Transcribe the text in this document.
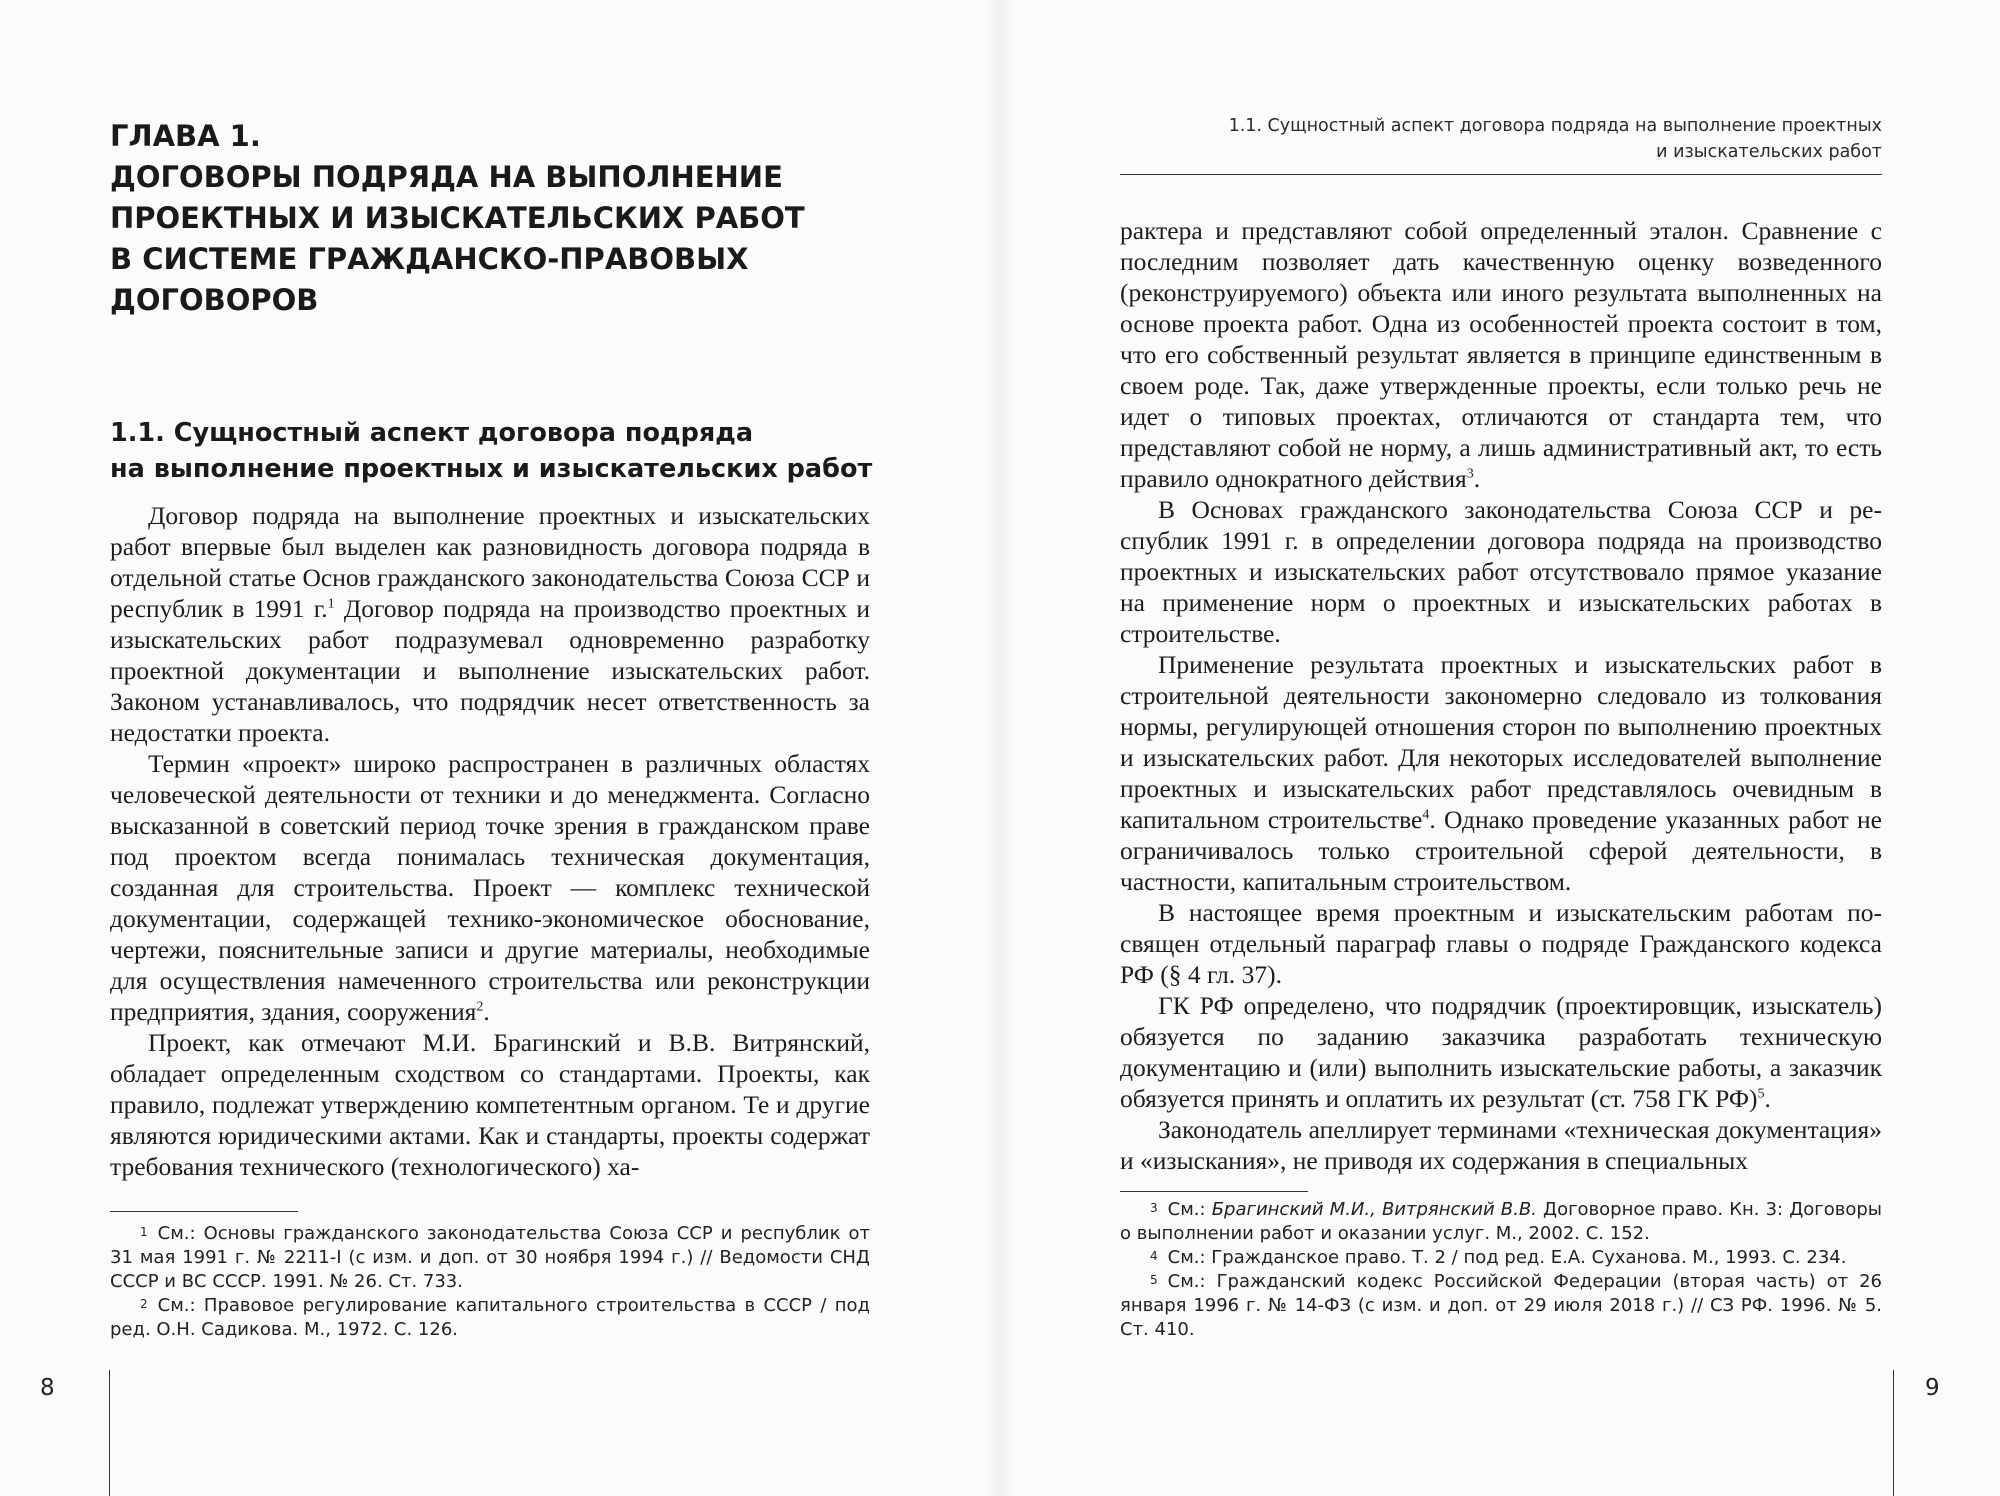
ГЛАВА 1.
ДОГОВОРЫ ПОДРЯДА НА ВЫПОЛНЕНИЕ
ПРОЕКТНЫХ И ИЗЫСКАТЕЛЬСКИХ РАБОТ
В СИСТЕМЕ ГРАЖДАНСКО-ПРАВОВЫХ
ДОГОВОРОВ
1.1. Сущностный аспект договора подряда
на выполнение проектных и изыскательских работ

Договор подряда на выполнение проектных и изыскательских работ впервые был выделен как разновидность договора подряда в отдельной статье Основ гражданского законодательства Союза ССР и республик в 1991 г.$^1$ Договор подряда на производство проектных и изыскательских работ подразумевал одновременно разработку проектной документации и выполнение изыскательских работ. Законом устанавливалось, что подрядчик несет ответственность за недостатки проекта.

Термин «проект» широко распространен в различных областях человеческой деятельности от техники и до менеджмента. Согласно высказанной в советский период точке зрения в гражданском праве под проектом всегда понималась техническая документация, созданная для строительства. Проект — комплекс технической документации, содержащей технико-экономическое обоснование, чертежи, пояснительные записи и другие материалы, необходимые для осуществления намеченного строительства или реконструкции предприятия, здания, сооружения$^2$.

Проект, как отмечают М.И. Брагинский и В.В. Витрянский, обладает определенным сходством со стандартами. Проекты, как правило, подлежат утверждению компетентным органом. Те и другие являются юридическими актами. Как и стандарты, проекты содержат требования технического (технологического) ха-

$^1$ См.: Основы гражданского законодательства Союза ССР и республик от 31 мая 1991 г. № 2211-I (с изм. и доп. от 30 ноября 1994 г.) // Ведомости СНД СССР и ВС СССР. 1991. № 26. Ст. 733.

$^2$ См.: Правовое регулирование капитального строительства в СССР / под ред. О.Н. Садикова. М., 1972. С. 126.

8
1.1. Сущностный аспект договора подряда на выполнение проектных
и изыскательских работ

рактера и представляют собой определенный эталон. Сравнение с последним позволяет дать качественную оценку возведенного (реконструируемого) объекта или иного результата выполненных на основе проекта работ. Одна из особенностей проекта состоит в том, что его собственный результат является в принципе единственным в своем роде. Так, даже утвержденные проекты, если только речь не идет о типовых проектах, отличаются от стандарта тем, что представляют собой не норму, а лишь административный акт, то есть правило однократного действия$^3$.

В Основах гражданского законодательства Союза ССР и республик 1991 г. в определении договора подряда на производство проектных и изыскательских работ отсутствовало прямое указание на применение норм о проектных и изыскательских работах в строительстве.

Применение результата проектных и изыскательских работ в строительной деятельности закономерно следовало из толкования нормы, регулирующей отношения сторон по выполнению проектных и изыскательских работ. Для некоторых исследователей выполнение проектных и изыскательских работ представлялось очевидным в капитальном строительстве$^4$. Однако проведение указанных работ не ограничивалось только строительной сферой деятельности, в частности, капитальным строительством.

В настоящее время проектным и изыскательским работам посвящен отдельный параграф главы о подряде Гражданского кодекса РФ (§ 4 гл. 37).

ГК РФ определено, что подрядчик (проектировщик, изыскатель) обязуется по заданию заказчика разработать техническую документацию и (или) выполнить изыскательские работы, а заказчик обязуется принять и оплатить их результат (ст. 758 ГК РФ)$^5$.

Законодатель апеллирует терминами «техническая документация» и «изыскания», не приводя их содержания в специальных

$^3$ См.: Брагинский М.И., Витрянский В.В. Договорное право. Кн. 3: Договоры о выполнении работ и оказании услуг. М., 2002. С. 152.

$^4$ См.: Гражданское право. Т. 2 / под ред. Е.А. Суханова. М., 1993. С. 234.

$^5$ См.: Гражданский кодекс Российской Федерации (вторая часть) от 26 января 1996 г. № 14-ФЗ (с изм. и доп. от 29 июля 2018 г.) // СЗ РФ. 1996. № 5. Ст. 410.

9
